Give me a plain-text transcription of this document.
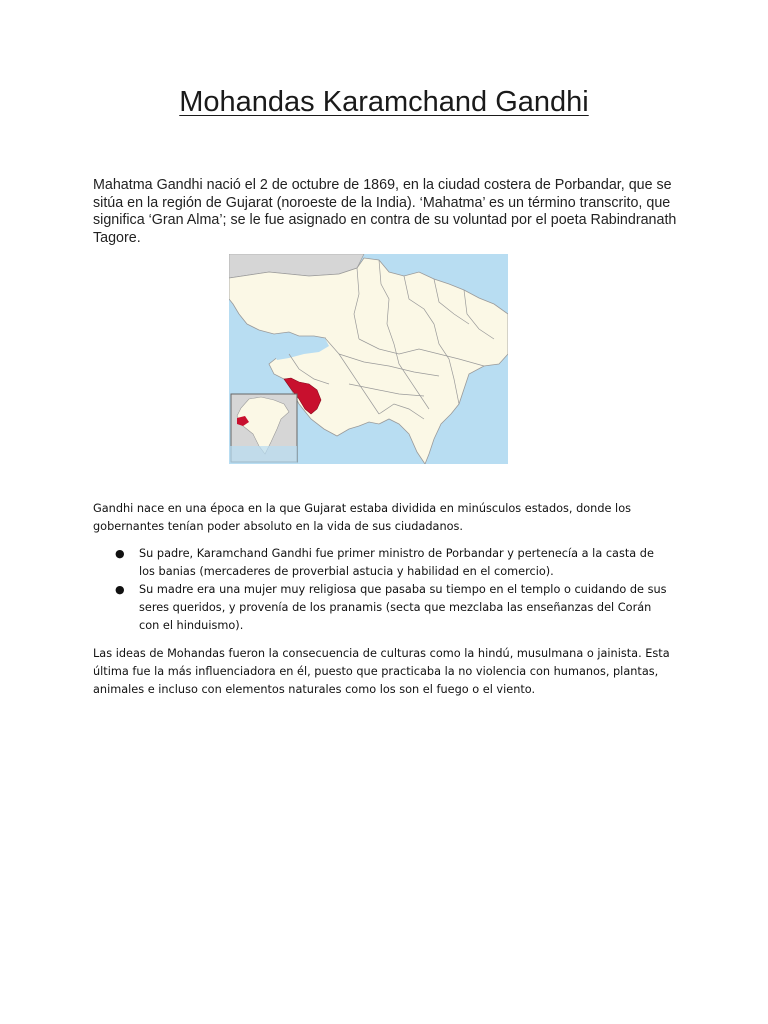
Mohandas Karamchand Gandhi

Mahatma Gandhi nació el 2 de octubre de 1869, en la ciudad costera de Porbandar, que se sitúa en la región de Gujarat (noroeste de la India). ‘Mahatma’ es un término transcrito, que significa ‘Gran Alma’; se le fue asignado en contra de su voluntad por el poeta Rabindranath Tagore.

Gandhi nace en una época en la que Gujarat estaba dividida en minúsculos estados, donde los gobernantes tenían poder absoluto en la vida de sus ciudadanos.

● Su padre, Karamchand Gandhi fue primer ministro de Porbandar y pertenecía a la casta de los banias (mercaderes de proverbial astucia y habilidad en el comercio).
● Su madre era una mujer muy religiosa que pasaba su tiempo en el templo o cuidando de sus seres queridos, y provenía de los pranamis (secta que mezclaba las enseñanzas del Corán con el hinduismo).

Las ideas de Mohandas fueron la consecuencia de culturas como la hindú, musulmana o jainista. Esta última fue la más influenciadora en él, puesto que practicaba la no violencia con humanos, plantas, animales e incluso con elementos naturales como los son el fuego o el viento.
